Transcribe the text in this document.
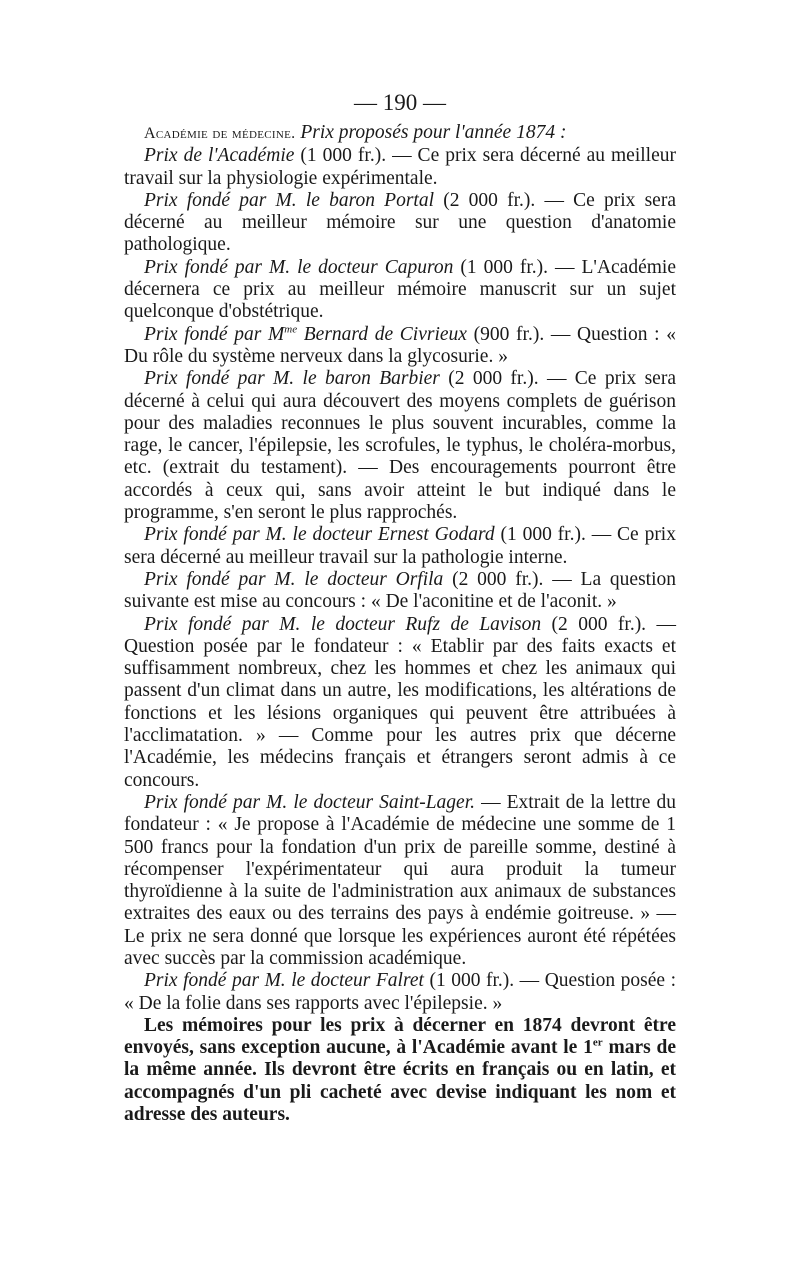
— 190 —

Académie de médecine. Prix proposés pour l'année 1874 :

Prix de l'Académie (1 000 fr.). — Ce prix sera décerné au meilleur travail sur la physiologie expérimentale.

Prix fondé par M. le baron Portal (2 000 fr.). — Ce prix sera décerné au meilleur mémoire sur une question d'anatomie pathologique.

Prix fondé par M. le docteur Capuron (1 000 fr.). — L'Académie décernera ce prix au meilleur mémoire manuscrit sur un sujet quelconque d'obstétrique.

Prix fondé par $M^{me}$ Bernard de Civrieux (900 fr.). — Question : « Du rôle du système nerveux dans la glycosurie. »

Prix fondé par M. le baron Barbier (2 000 fr.). — Ce prix sera décerné à celui qui aura découvert des moyens complets de guérison pour des maladies reconnues le plus souvent incurables, comme la rage, le cancer, l'épilepsie, les scrofules, le typhus, le choléra-morbus, etc. (extrait du testament). — Des encouragements pourront être accordés à ceux qui, sans avoir atteint le but indiqué dans le programme, s'en seront le plus rapprochés.

Prix fondé par M. le docteur Ernest Godard (1 000 fr.). — Ce prix sera décerné au meilleur travail sur la pathologie interne.

Prix fondé par M. le docteur Orfila (2 000 fr.). — La question suivante est mise au concours : « De l'aconitine et de l'aconit. »

Prix fondé par M. le docteur Rufz de Lavison (2 000 fr.). — Question posée par le fondateur : « Etablir par des faits exacts et suffisamment nombreux, chez les hommes et chez les animaux qui passent d'un climat dans un autre, les modifications, les altérations de fonctions et les lésions organiques qui peuvent être attribuées à l'acclimatation. » — Comme pour les autres prix que décerne l'Académie, les médecins français et étrangers seront admis à ce concours.

Prix fondé par M. le docteur Saint-Lager. — Extrait de la lettre du fondateur : « Je propose à l'Académie de médecine une somme de 1 500 francs pour la fondation d'un prix de pareille somme, destiné à récompenser l'expérimentateur qui aura produit la tumeur thyroïdienne à la suite de l'administration aux animaux de substances extraites des eaux ou des terrains des pays à endémie goitreuse. » — Le prix ne sera donné que lorsque les expériences auront été répétées avec succès par la commission académique.

Prix fondé par M. le docteur Falret (1 000 fr.). — Question posée : « De la folie dans ses rapports avec l'épilepsie. »

Les mémoires pour les prix à décerner en 1874 devront être envoyés, sans exception aucune, à l'Académie avant le 1er mars de la même année. Ils devront être écrits en français ou en latin, et accompagnés d'un pli cacheté avec devise indiquant les nom et adresse des auteurs.
